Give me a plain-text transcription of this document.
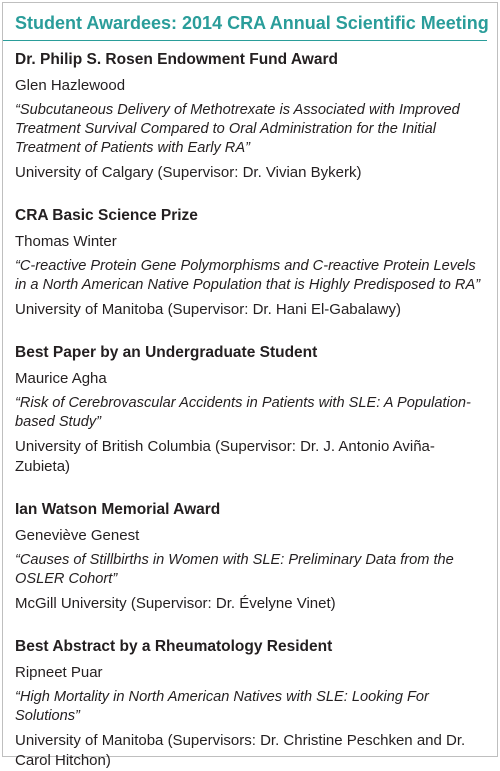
Student Awardees: 2014 CRA Annual Scientific Meeting
Dr. Philip S. Rosen Endowment Fund Award
Glen Hazlewood
“Subcutaneous Delivery of Methotrexate is Associated with Improved Treatment Survival Compared to Oral Administration for the Initial Treatment of Patients with Early RA”
University of Calgary (Supervisor: Dr. Vivian Bykerk)
CRA Basic Science Prize
Thomas Winter
“C-reactive Protein Gene Polymorphisms and C-reactive Protein Levels in a North American Native Population that is Highly Predisposed to RA”
University of Manitoba (Supervisor: Dr. Hani El-Gabalawy)
Best Paper by an Undergraduate Student
Maurice Agha
“Risk of Cerebrovascular Accidents in Patients with SLE: A Population-based Study”
University of British Columbia (Supervisor: Dr. J. Antonio Aviña-Zubieta)
Ian Watson Memorial Award
Geneviève Genest
“Causes of Stillbirths in Women with SLE: Preliminary Data from the OSLER Cohort”
McGill University (Supervisor: Dr. Évelyne Vinet)
Best Abstract by a Rheumatology Resident
Ripneet Puar
“High Mortality in North American Natives with SLE: Looking For Solutions”
University of Manitoba (Supervisors: Dr. Christine Peschken and Dr. Carol Hitchon)
